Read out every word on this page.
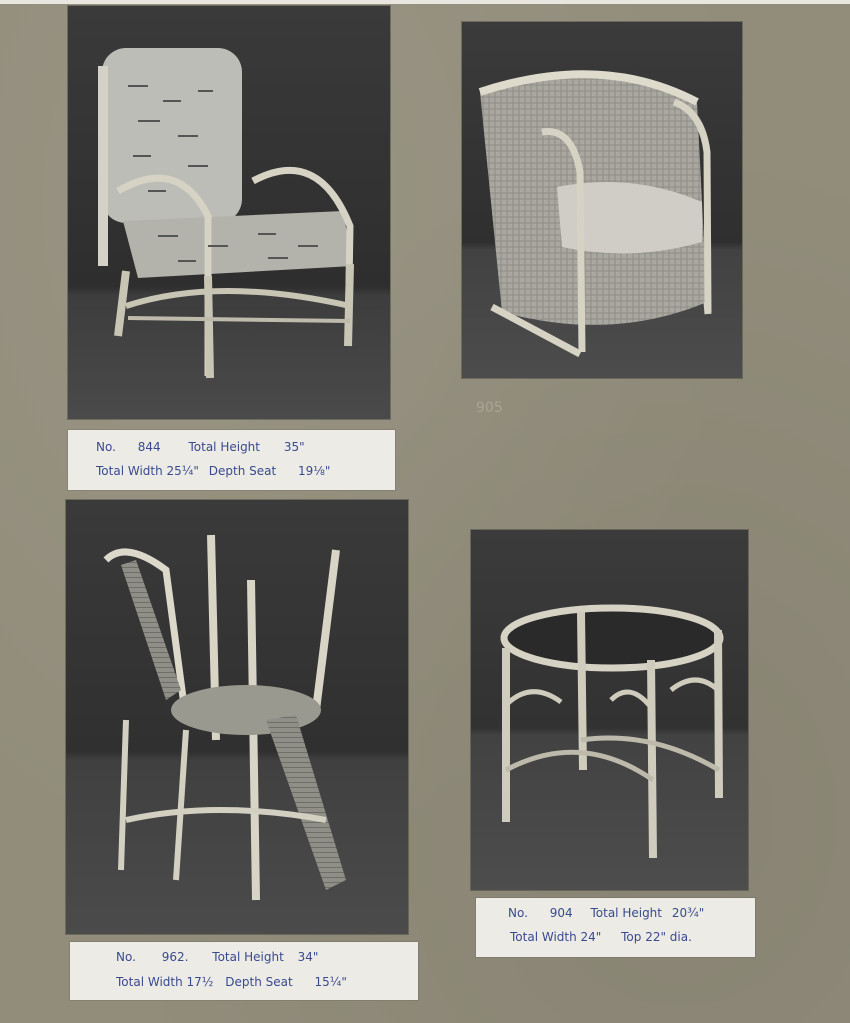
No. 844 Total Height 35"
Total Width 25¼" Depth Seat 19⅛"
905
No. 962. Total Height 34"
Total Width 17½ Depth Seat 15¼"
No. 904 Total Height 20¾"
Total Width 24" Top 22" dia.
